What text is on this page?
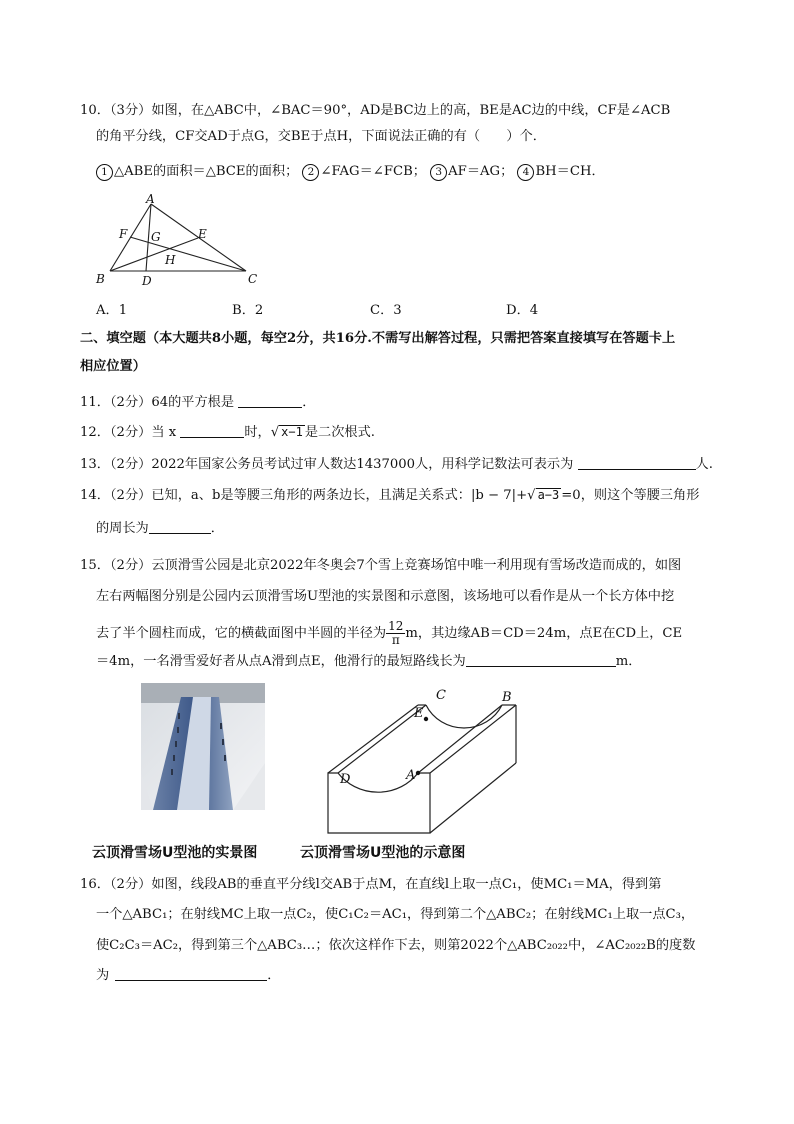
10．（3分）如图，在△ABC中，∠BAC＝90°，AD是BC边上的高，BE是AC边的中线，CF是∠ACB
的角平分线，CF交AD于点G，交BE于点H，下面说法正确的有（　　）个．
1 △ABE的面积＝△BCE的面积； 2 ∠FAG＝∠FCB； 3 AF＝AG； 4 BH＝CH．
A
B	C
D
E
F G
H
A．1	B．2	C．3	D．4
二、填空题（本大题共8小题，每空2分，共16分.不需写出解答过程，只需把答案直接填写在答题卡上
相应位置）
11．（2分）64的平方根是	．
12．（2分）当 x	时，√ x−1 是二次根式.
13．（2分）2022年国家公务员考试过审人数达1437000人，用科学记数法可表示为	人.
14．（2分）已知，a、b是等腰三角形的两条边长，且满足关系式：|b − 7|+√ a−3 =0，则这个等腰三角形
的周长为	．
15．（2分）云顶滑雪公园是北京2022年冬奥会7个雪上竞赛场馆中唯一利用现有雪场改造而成的，如图
左右两幅图分别是公园内云顶滑雪场U型池的实景图和示意图，该场地可以看作是从一个长方体中挖
去了半个圆柱而成，它的横截面图中半圆的半径为 $\frac{12}{\pi}$ m，其边缘AB＝CD＝24m，点E在CD上，CE
＝4m，一名滑雪爱好者从点A滑到点E，他滑行的最短路线长为	m．
A
B
C
D
E
云顶滑雪场U型池的实景图	云顶滑雪场U型池的示意图
16．（2分）如图，线段AB的垂直平分线l交AB于点M，在直线l上取一点C₁，使MC₁＝MA，得到第
一个△ABC₁；在射线MC上取一点C₂，使C₁C₂＝AC₁，得到第二个△ABC₂；在射线MC₁上取一点C₃，
使C₂C₃＝AC₂，得到第三个△ABC₃…；依次这样作下去，则第2022个△ABC₂₀₂₂中，∠AC₂₀₂₂B的度数
为	．
